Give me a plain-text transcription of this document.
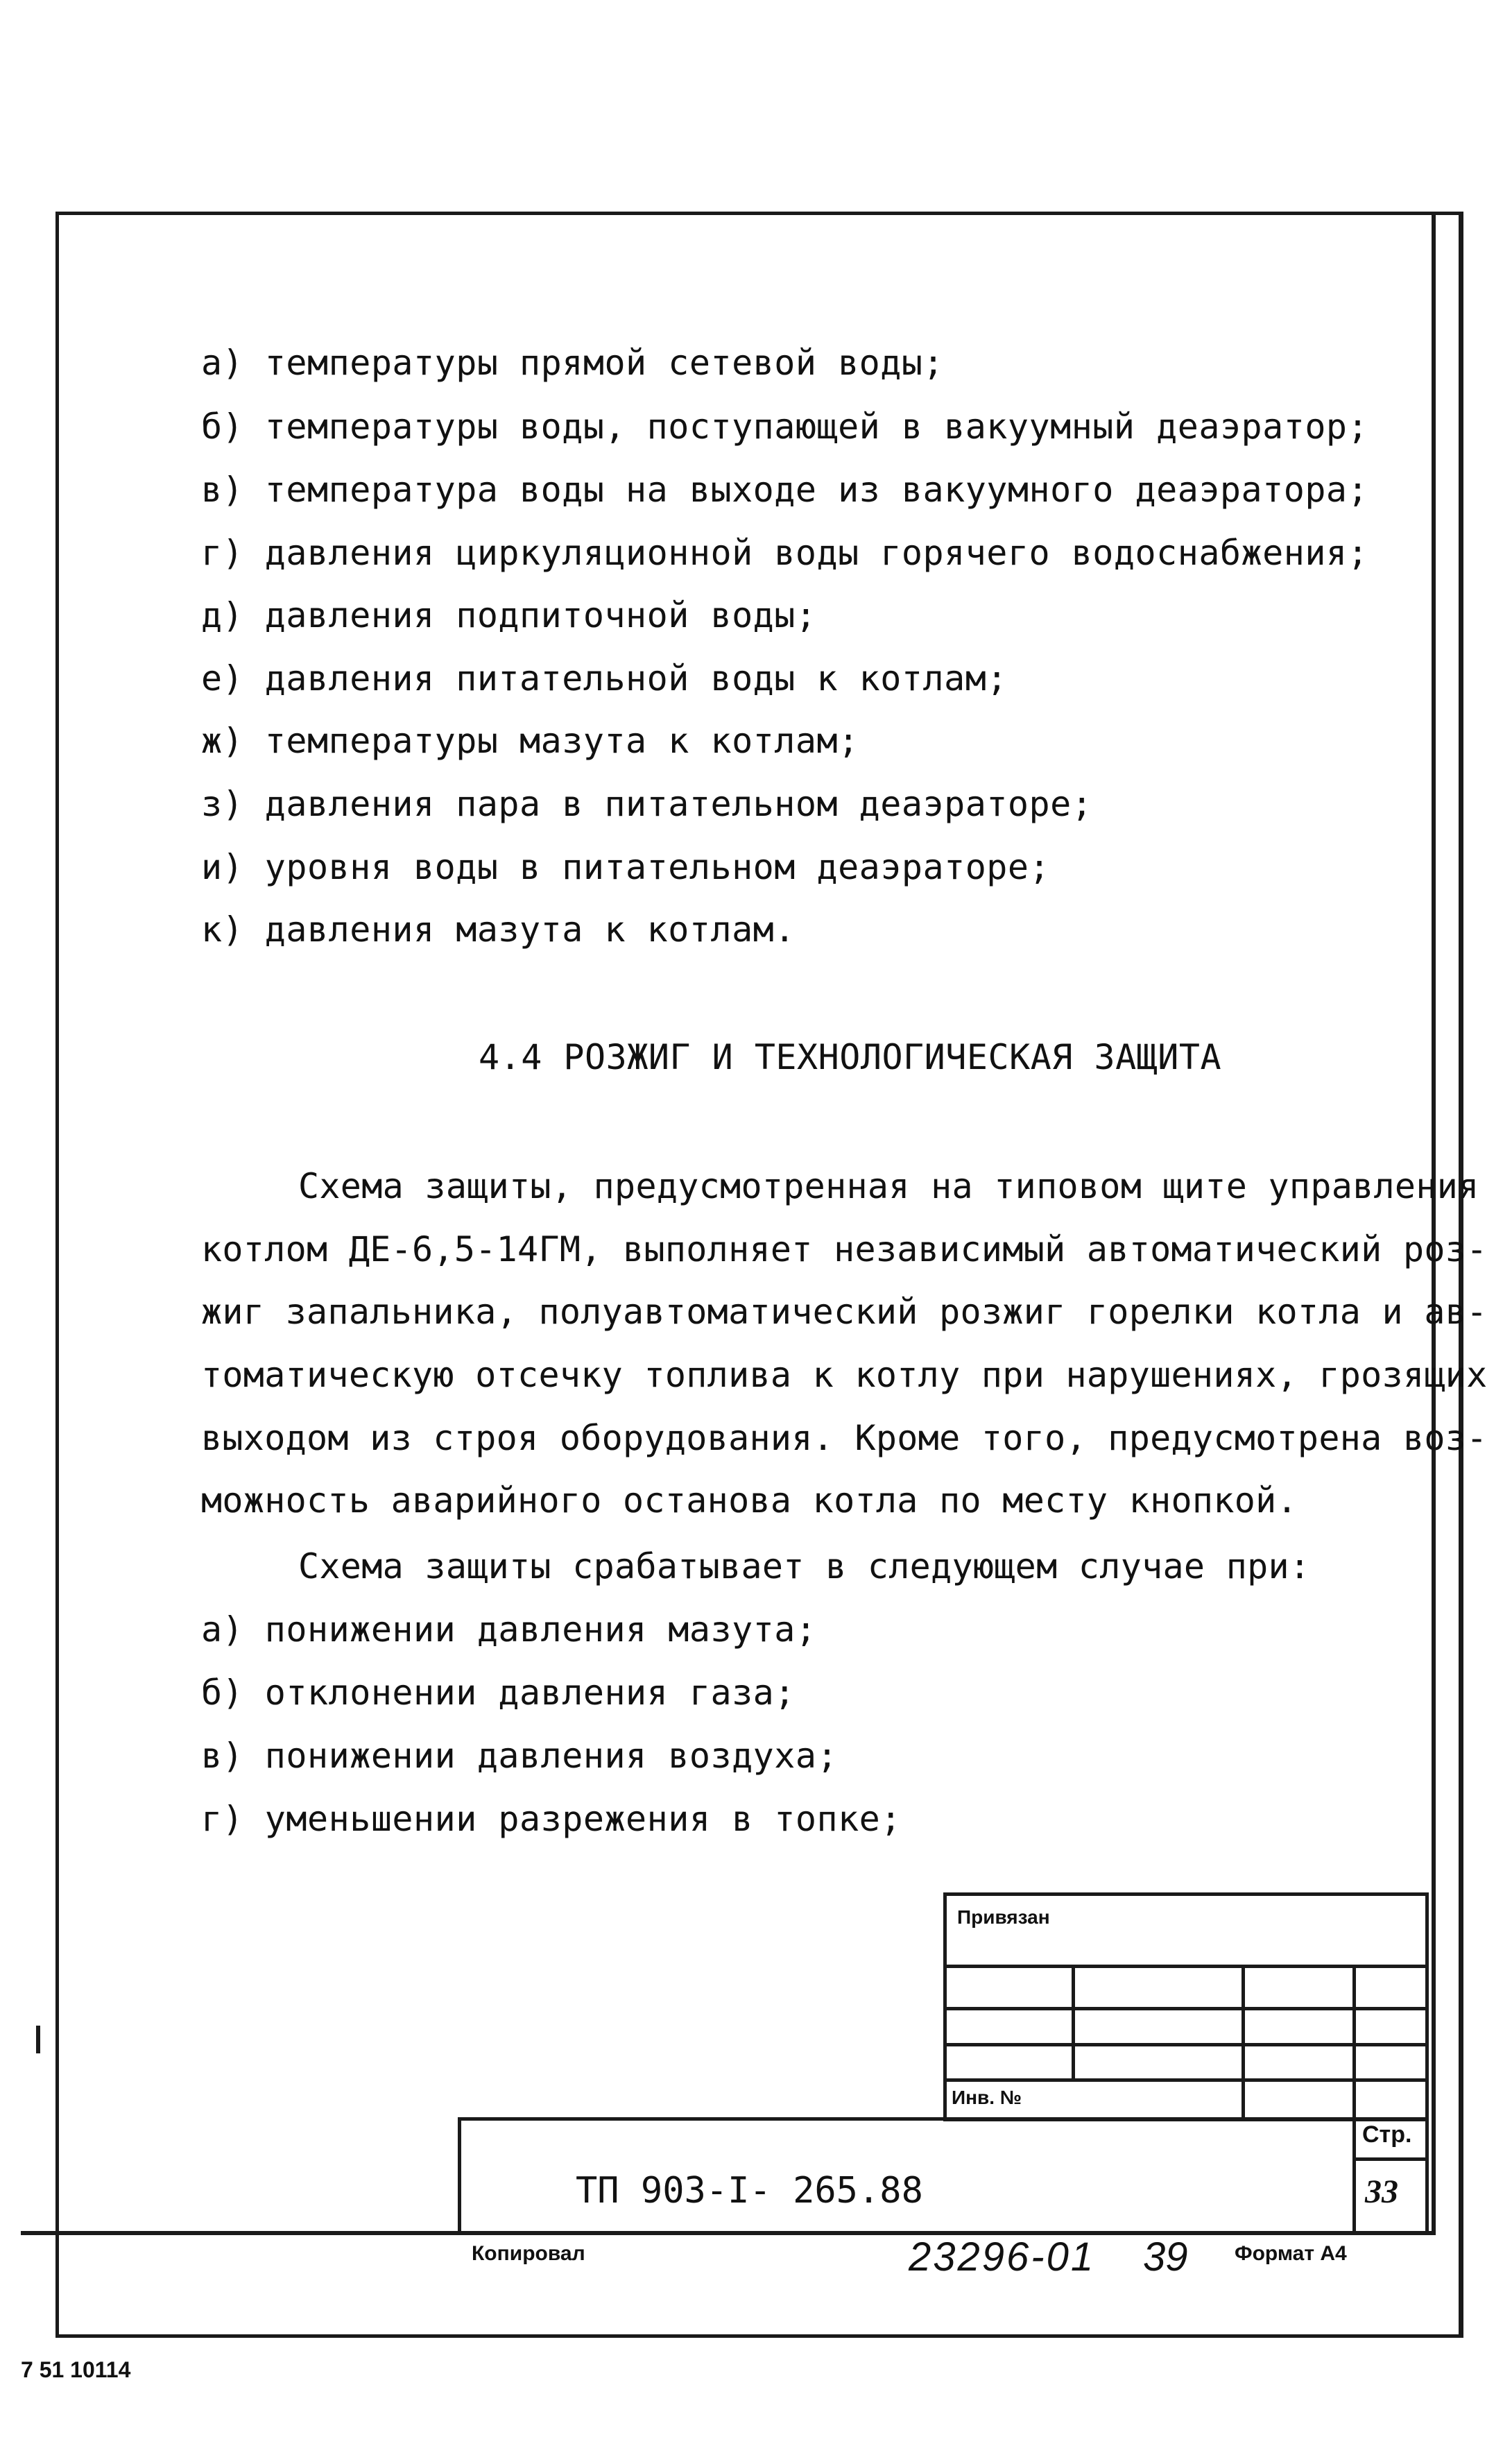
а) температуры прямой сетевой воды;
б) температуры воды, поступающей в вакуумный деаэратор;
в) температура воды на выходе из вакуумного деаэратора;
г) давления циркуляционной воды горячего водоснабжения;
д) давления подпиточной воды;
е) давления питательной воды к котлам;
ж) температуры мазута к котлам;
з) давления пара в питательном деаэраторе;
и) уровня воды в питательном деаэраторе;
к) давления мазута к котлам.
4.4 РОЗЖИГ И ТЕХНОЛОГИЧЕСКАЯ ЗАЩИТА
Схема защиты, предусмотренная на типовом щите управления
котлом ДЕ-6,5-14ГМ, выполняет независимый автоматический роз-
жиг запальника, полуавтоматический розжиг горелки котла и ав-
томатическую отсечку топлива к котлу при нарушениях, грозящих
выходом из строя оборудования. Кроме того, предусмотрена воз-
можность аварийного останова котла по месту кнопкой.
Схема защиты срабатывает в следующем случае при:
а) понижении давления мазута;
б) отклонении давления газа;
в) понижении давления воздуха;
г) уменьшении разрежения в топке;
Привязан
Инв. №
Стр.
33
ТП 903-I- 265.88
Копировал	23296-01 39 Формат А4
7 51 10114
